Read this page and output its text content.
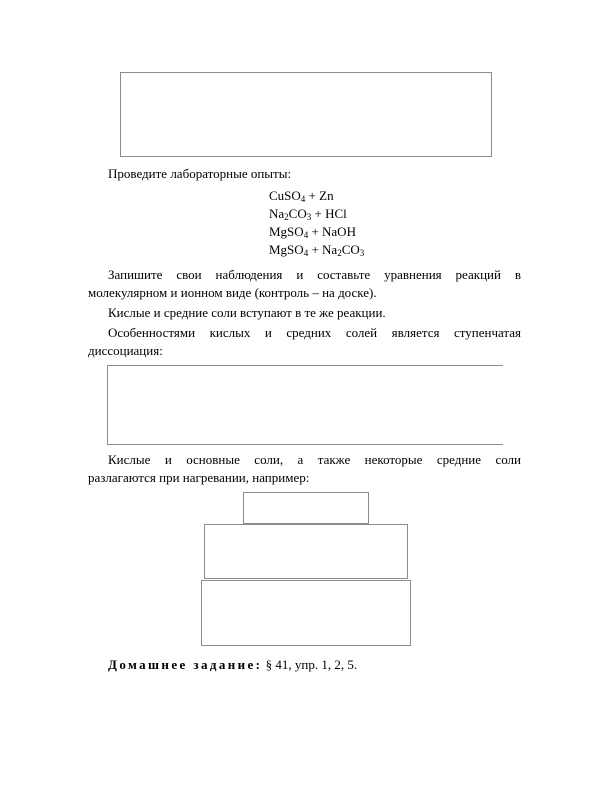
Проведите лабораторные опыты:
CuSO$_4$ + Zn
$Na_2CO_3$ + HCl
MgSO$_4$ + NaOH
MgSO$_4$ + $Na_2CO_3$
Запишите свои наблюдения и составьте уравнения реакций в
молекулярном и ионном виде (контроль – на доске).
Кислые и средние соли вступают в те же реакции.
Особенностями кислых и средних солей является ступенчатая
диссоциация:
Кислые и основные соли, а также некоторые средние соли
разлагаются при нагревании, например:
Домашнее задание: § 41, упр. 1, 2, 5.
